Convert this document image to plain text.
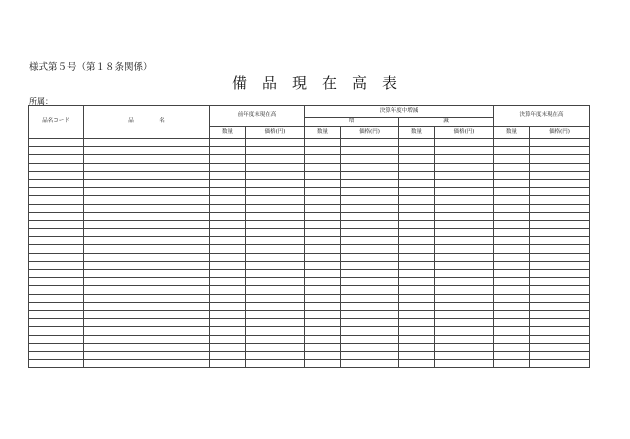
様式第５号（第１８条関係）
備品現在高表
所属：
品名コード	品　名	前年度末現在高		決算年度中増減				決算年度末現在高	
				増		減			
		数量	価格(円)	数量	価格(円)	数量	価格(円)	数量	価格(円)
